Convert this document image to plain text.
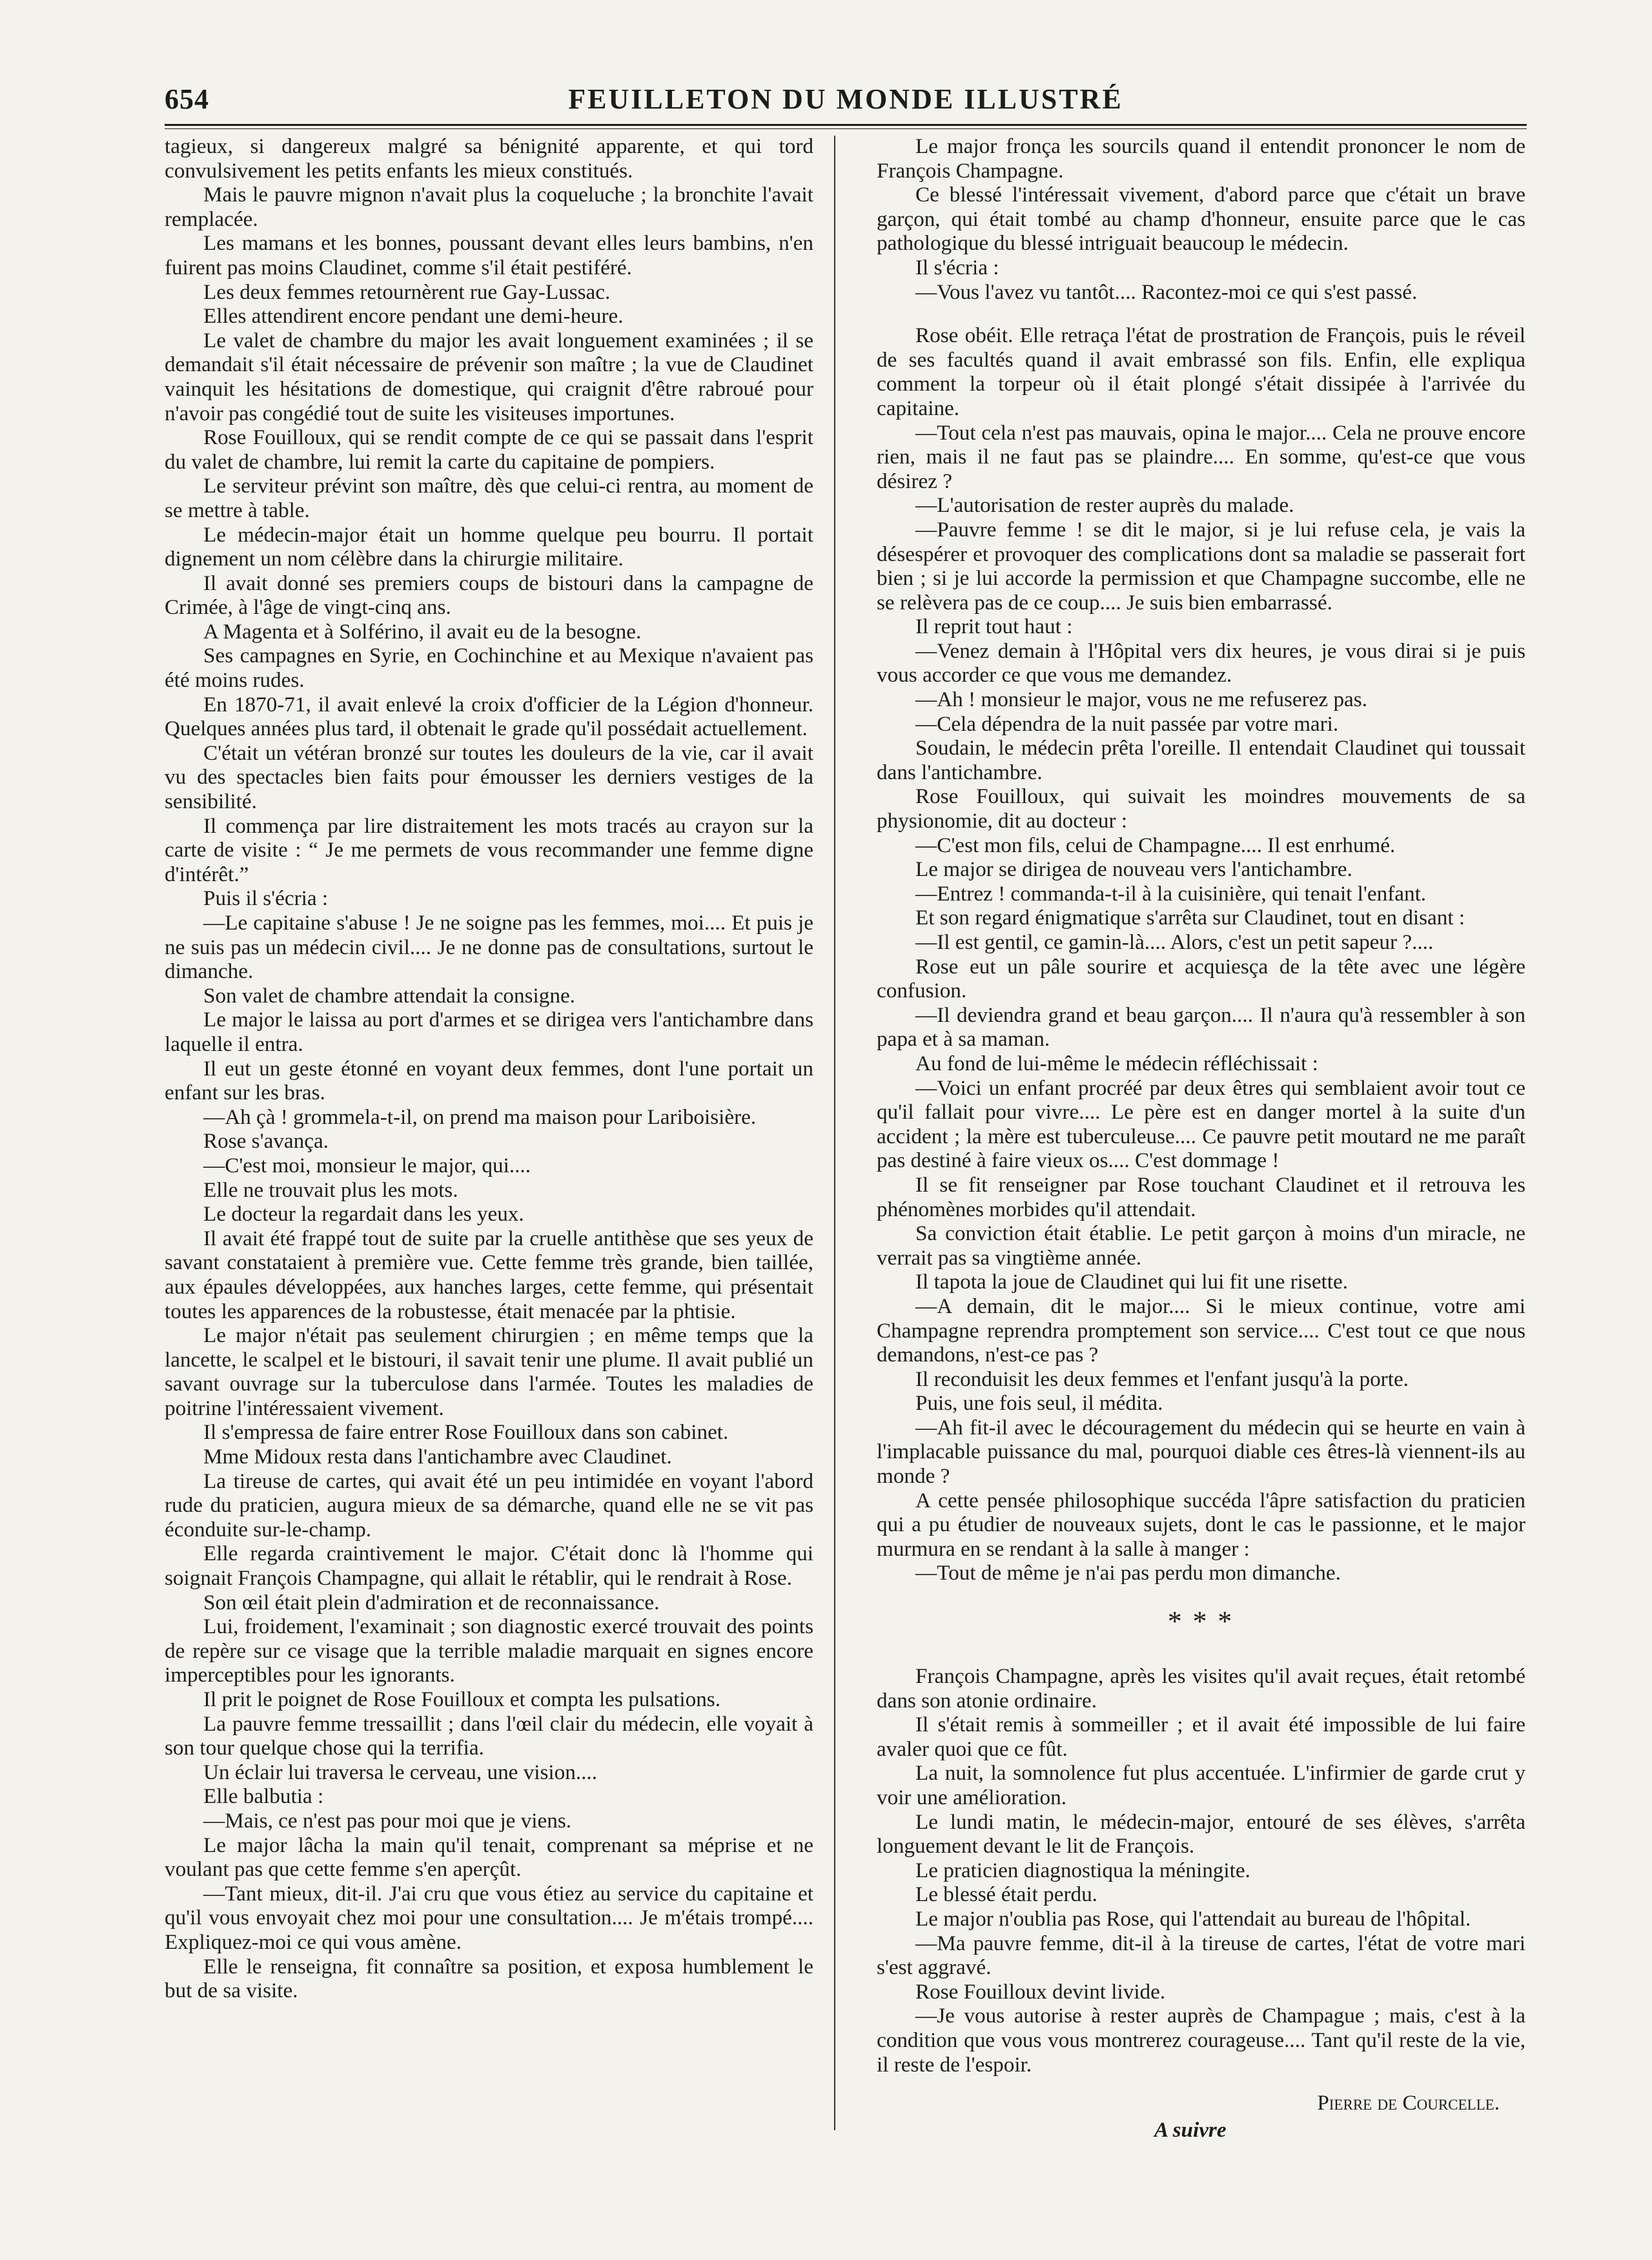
654	FEUILLETON DU MONDE ILLUSTRÉ

tagieux, si dangereux malgré sa bénignité apparente, et qui tord convulsivement les petits enfants les mieux constitués.

Mais le pauvre mignon n'avait plus la coqueluche ; la bronchite l'avait remplacée.

Les mamans et les bonnes, poussant devant elles leurs bambins, n'en fuirent pas moins Claudinet, comme s'il était pestiféré.

Les deux femmes retournèrent rue Gay-Lussac.

Elles attendirent encore pendant une demi-heure.

Le valet de chambre du major les avait longuement examinées ; il se demandait s'il était nécessaire de prévenir son maître ; la vue de Claudinet vainquit les hésitations de domestique, qui craignit d'être rabroué pour n'avoir pas congédié tout de suite les visiteuses importunes.

Rose Fouilloux, qui se rendit compte de ce qui se passait dans l'esprit du valet de chambre, lui remit la carte du capitaine de pompiers.

Le serviteur prévint son maître, dès que celui-ci rentra, au moment de se mettre à table.

Le médecin-major était un homme quelque peu bourru. Il portait dignement un nom célèbre dans la chirurgie militaire.

Il avait donné ses premiers coups de bistouri dans la campagne de Crimée, à l'âge de vingt-cinq ans.

A Magenta et à Solférino, il avait eu de la besogne.

Ses campagnes en Syrie, en Cochinchine et au Mexique n'avaient pas été moins rudes.

En 1870-71, il avait enlevé la croix d'officier de la Légion d'honneur. Quelques années plus tard, il obtenait le grade qu'il possédait actuellement.

C'était un vétéran bronzé sur toutes les douleurs de la vie, car il avait vu des spectacles bien faits pour émousser les derniers vestiges de la sensibilité.

Il commença par lire distraitement les mots tracés au crayon sur la carte de visite : “ Je me permets de vous recommander une femme digne d'intérêt.”

Puis il s'écria :

—Le capitaine s'abuse ! Je ne soigne pas les femmes, moi.... Et puis je ne suis pas un médecin civil.... Je ne donne pas de consultations, surtout le dimanche.

Son valet de chambre attendait la consigne.

Le major le laissa au port d'armes et se dirigea vers l'antichambre dans laquelle il entra.

Il eut un geste étonné en voyant deux femmes, dont l'une portait un enfant sur les bras.

—Ah çà ! grommela-t-il, on prend ma maison pour Lariboisière.

Rose s'avança.

—C'est moi, monsieur le major, qui....

Elle ne trouvait plus les mots.

Le docteur la regardait dans les yeux.

Il avait été frappé tout de suite par la cruelle antithèse que ses yeux de savant constataient à première vue. Cette femme très grande, bien taillée, aux épaules développées, aux hanches larges, cette femme, qui présentait toutes les apparences de la robustesse, était menacée par la phtisie.

Le major n'était pas seulement chirurgien ; en même temps que la lancette, le scalpel et le bistouri, il savait tenir une plume. Il avait publié un savant ouvrage sur la tuberculose dans l'armée. Toutes les maladies de poitrine l'intéressaient vivement.

Il s'empressa de faire entrer Rose Fouilloux dans son cabinet.

Mme Midoux resta dans l'antichambre avec Claudinet.

La tireuse de cartes, qui avait été un peu intimidée en voyant l'abord rude du praticien, augura mieux de sa démarche, quand elle ne se vit pas éconduite sur-le-champ.

Elle regarda craintivement le major. C'était donc là l'homme qui soignait François Champagne, qui allait le rétablir, qui le rendrait à Rose.

Son œil était plein d'admiration et de reconnaissance.

Lui, froidement, l'examinait ; son diagnostic exercé trouvait des points de repère sur ce visage que la terrible maladie marquait en signes encore imperceptibles pour les ignorants.

Il prit le poignet de Rose Fouilloux et compta les pulsations.

La pauvre femme tressaillit ; dans l'œil clair du médecin, elle voyait à son tour quelque chose qui la terrifia.

Un éclair lui traversa le cerveau, une vision....

Elle balbutia :

—Mais, ce n'est pas pour moi que je viens.

Le major lâcha la main qu'il tenait, comprenant sa méprise et ne voulant pas que cette femme s'en aperçût.

—Tant mieux, dit-il. J'ai cru que vous étiez au service du capitaine et qu'il vous envoyait chez moi pour une consultation.... Je m'étais trompé.... Expliquez-moi ce qui vous amène.

Elle le renseigna, fit connaître sa position, et exposa humblement le but de sa visite.

Le major fronça les sourcils quand il entendit prononcer le nom de François Champagne.

Ce blessé l'intéressait vivement, d'abord parce que c'était un brave garçon, qui était tombé au champ d'honneur, ensuite parce que le cas pathologique du blessé intriguait beaucoup le médecin.

Il s'écria :

—Vous l'avez vu tantôt.... Racontez-moi ce qui s'est passé.

Rose obéit. Elle retraça l'état de prostration de François, puis le réveil de ses facultés quand il avait embrassé son fils. Enfin, elle expliqua comment la torpeur où il était plongé s'était dissipée à l'arrivée du capitaine.

—Tout cela n'est pas mauvais, opina le major.... Cela ne prouve encore rien, mais il ne faut pas se plaindre.... En somme, qu'est-ce que vous désirez ?

—L'autorisation de rester auprès du malade.

—Pauvre femme ! se dit le major, si je lui refuse cela, je vais la désespérer et provoquer des complications dont sa maladie se passerait fort bien ; si je lui accorde la permission et que Champagne succombe, elle ne se relèvera pas de ce coup.... Je suis bien embarrassé.

Il reprit tout haut :

—Venez demain à l'Hôpital vers dix heures, je vous dirai si je puis vous accorder ce que vous me demandez.

—Ah ! monsieur le major, vous ne me refuserez pas.

—Cela dépendra de la nuit passée par votre mari.

Soudain, le médecin prêta l'oreille. Il entendait Claudinet qui toussait dans l'antichambre.

Rose Fouilloux, qui suivait les moindres mouvements de sa physionomie, dit au docteur :

—C'est mon fils, celui de Champagne.... Il est enrhumé.

Le major se dirigea de nouveau vers l'antichambre.

—Entrez ! commanda-t-il à la cuisinière, qui tenait l'enfant.

Et son regard énigmatique s'arrêta sur Claudinet, tout en disant :

—Il est gentil, ce gamin-là.... Alors, c'est un petit sapeur ?....

Rose eut un pâle sourire et acquiesça de la tête avec une légère confusion.

—Il deviendra grand et beau garçon.... Il n'aura qu'à ressembler à son papa et à sa maman.

Au fond de lui-même le médecin réfléchissait :

—Voici un enfant procréé par deux êtres qui semblaient avoir tout ce qu'il fallait pour vivre.... Le père est en danger mortel à la suite d'un accident ; la mère est tuberculeuse.... Ce pauvre petit moutard ne me paraît pas destiné à faire vieux os.... C'est dommage !

Il se fit renseigner par Rose touchant Claudinet et il retrouva les phénomènes morbides qu'il attendait.

Sa conviction était établie. Le petit garçon à moins d'un miracle, ne verrait pas sa vingtième année.

Il tapota la joue de Claudinet qui lui fit une risette.

—A demain, dit le major.... Si le mieux continue, votre ami Champagne reprendra promptement son service.... C'est tout ce que nous demandons, n'est-ce pas ?

Il reconduisit les deux femmes et l'enfant jusqu'à la porte.

Puis, une fois seul, il médita.

—Ah fit-il avec le découragement du médecin qui se heurte en vain à l'implacable puissance du mal, pourquoi diable ces êtres-là viennent-ils au monde ?

A cette pensée philosophique succéda l'âpre satisfaction du praticien qui a pu étudier de nouveaux sujets, dont le cas le passionne, et le major murmura en se rendant à la salle à manger :

—Tout de même je n'ai pas perdu mon dimanche.

* * *

François Champagne, après les visites qu'il avait reçues, était retombé dans son atonie ordinaire.

Il s'était remis à sommeiller ; et il avait été impossible de lui faire avaler quoi que ce fût.

La nuit, la somnolence fut plus accentuée. L'infirmier de garde crut y voir une amélioration.

Le lundi matin, le médecin-major, entouré de ses élèves, s'arrêta longuement devant le lit de François.

Le praticien diagnostiqua la méningite.

Le blessé était perdu.

Le major n'oublia pas Rose, qui l'attendait au bureau de l'hôpital.

—Ma pauvre femme, dit-il à la tireuse de cartes, l'état de votre mari s'est aggravé.

Rose Fouilloux devint livide.

—Je vous autorise à rester auprès de Champague ; mais, c'est à la condition que vous vous montrerez courageuse.... Tant qu'il reste de la vie, il reste de l'espoir.

Pierre de Courcelle.
A suivre
